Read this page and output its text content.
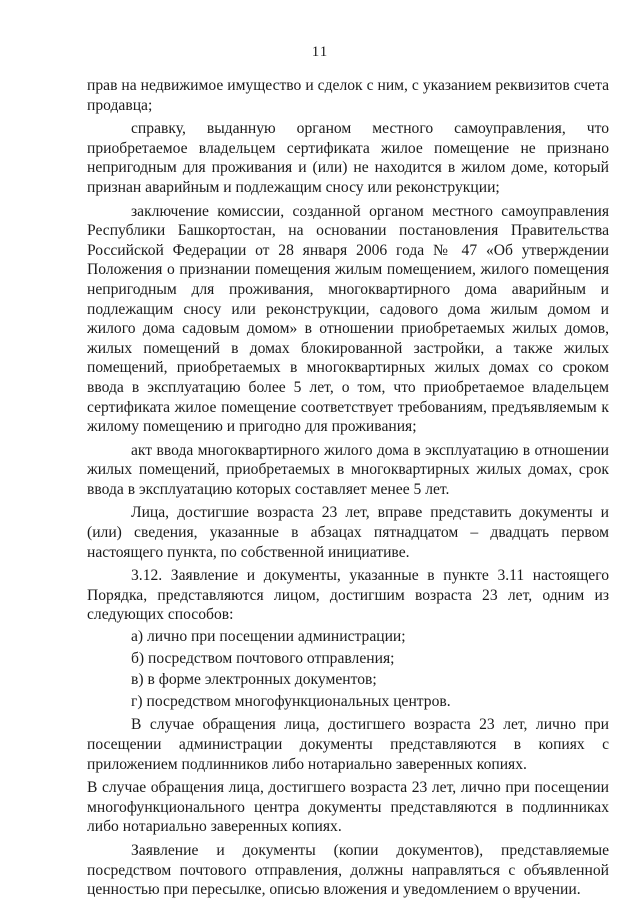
11

прав на недвижимое имущество и сделок с ним, с указанием реквизитов счета продавца;

справку, выданную органом местного самоуправления, что приобретаемое владельцем сертификата жилое помещение не признано непригодным для проживания и (или) не находится в жилом доме, который признан аварийным и подлежащим сносу или реконструкции;

заключение комиссии, созданной органом местного самоуправления Республики Башкортостан, на основании постановления Правительства Российской Федерации от 28 января 2006 года № 47 «Об утверждении Положения о признании помещения жилым помещением, жилого помещения непригодным для проживания, многоквартирного дома аварийным и подлежащим сносу или реконструкции, садового дома жилым домом и жилого дома садовым домом» в отношении приобретаемых жилых домов, жилых помещений в домах блокированной застройки, а также жилых помещений, приобретаемых в многоквартирных жилых домах со сроком ввода в эксплуатацию более 5 лет, о том, что приобретаемое владельцем сертификата жилое помещение соответствует требованиям, предъявляемым к жилому помещению и пригодно для проживания;

акт ввода многоквартирного жилого дома в эксплуатацию в отношении жилых помещений, приобретаемых в многоквартирных жилых домах, срок ввода в эксплуатацию которых составляет менее 5 лет.

Лица, достигшие возраста 23 лет, вправе представить документы и (или) сведения, указанные в абзацах пятнадцатом – двадцать первом настоящего пункта, по собственной инициативе.

3.12. Заявление и документы, указанные в пункте 3.11 настоящего Порядка, представляются лицом, достигшим возраста 23 лет, одним из следующих способов:

а) лично при посещении администрации;

б) посредством почтового отправления;

в) в форме электронных документов;

г) посредством многофункциональных центров.

В случае обращения лица, достигшего возраста 23 лет, лично при посещении администрации документы представляются в копиях с приложением подлинников либо нотариально заверенных копиях.

В случае обращения лица, достигшего возраста 23 лет, лично при посещении многофункционального центра документы представляются в подлинниках либо нотариально заверенных копиях.

Заявление и документы (копии документов), представляемые посредством почтового отправления, должны направляться с объявленной ценностью при пересылке, описью вложения и уведомлением о вручении.
